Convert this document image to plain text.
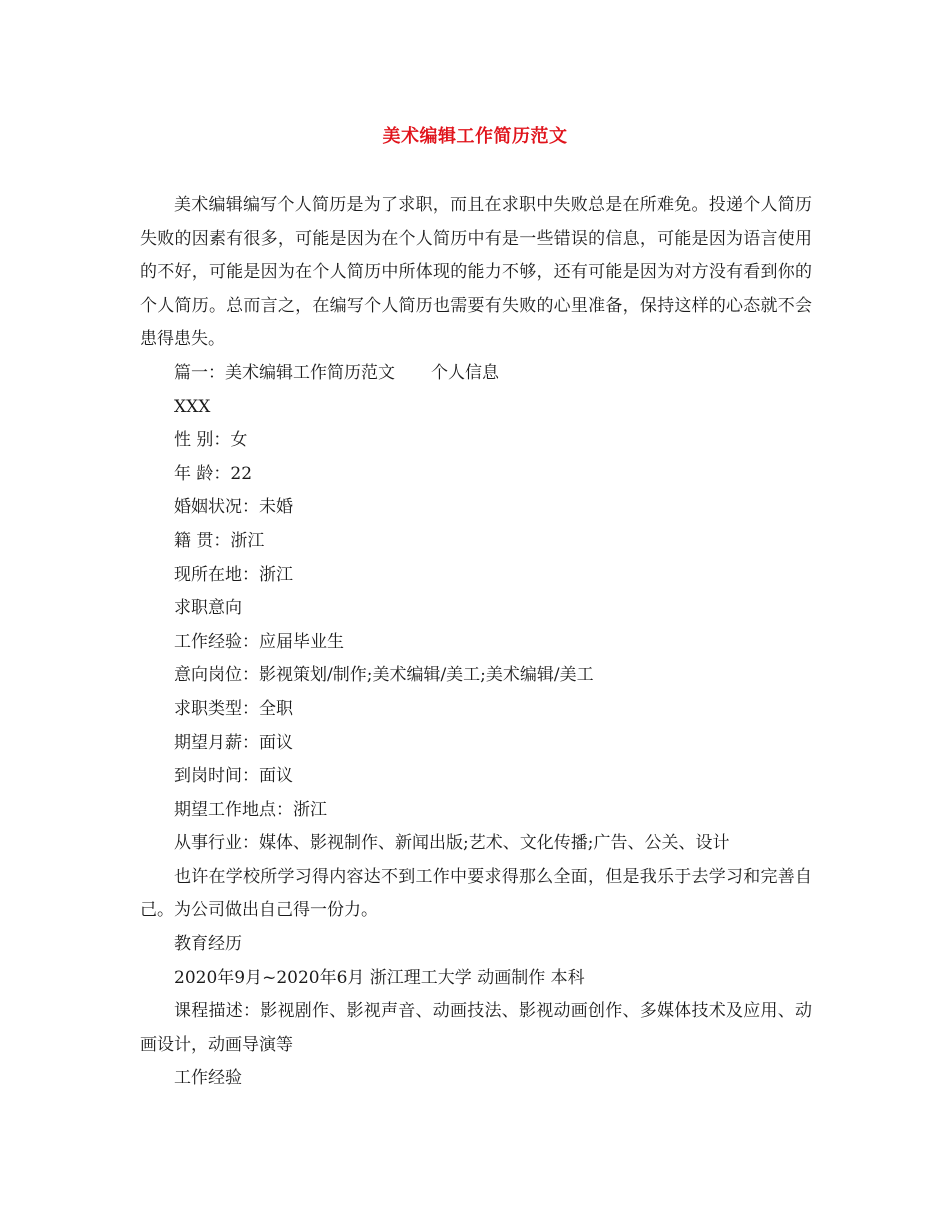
美术编辑工作简历范文

美术编辑编写个人简历是为了求职，而且在求职中失败总是在所难免。投递个人简历失败的因素有很多，可能是因为在个人简历中有是一些错误的信息，可能是因为语言使用的不好，可能是因为在个人简历中所体现的能力不够，还有可能是因为对方没有看到你的个人简历。总而言之，在编写个人简历也需要有失败的心里准备，保持这样的心态就不会患得患失。

篇一：美术编辑工作简历范文 个人信息

XXX

性 别：女

年 龄：22

婚姻状况：未婚

籍 贯：浙江

现所在地：浙江

求职意向

工作经验：应届毕业生

意向岗位：影视策划/制作;美术编辑/美工;美术编辑/美工

求职类型：全职

期望月薪：面议

到岗时间：面议

期望工作地点：浙江

从事行业：媒体、影视制作、新闻出版;艺术、文化传播;广告、公关、设计

也许在学校所学习得内容达不到工作中要求得那么全面，但是我乐于去学习和完善自己。为公司做出自己得一份力。

教育经历

2020年9月~2020年6月 浙江理工大学 动画制作 本科

课程描述：影视剧作、影视声音、动画技法、影视动画创作、多媒体技术及应用、动画设计，动画导演等

工作经验
